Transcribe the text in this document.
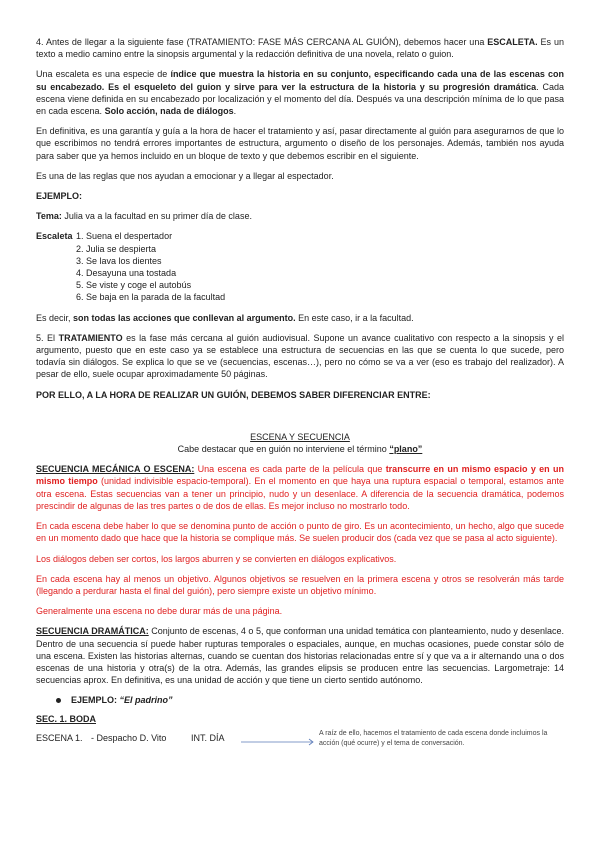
4. Antes de llegar a la siguiente fase (TRATAMIENTO: FASE MÁS CERCANA AL GUIÓN), debemos hacer una ESCALETA. Es un texto a medio camino entre la sinopsis argumental y la redacción definitiva de una novela, relato o guion.

Una escaleta es una especie de índice que muestra la historia en su conjunto, especificando cada una de las escenas con su encabezado. Es el esqueleto del guion y sirve para ver la estructura de la historia y su progresión dramática. Cada escena viene definida en su encabezado por localización y el momento del día. Después va una descripción mínima de lo que pasa en cada escena. Solo acción, nada de diálogos.

En definitiva, es una garantía y guía a la hora de hacer el tratamiento y así, pasar directamente al guión para asegurarnos de que lo que escribimos no tendrá errores importantes de estructura, argumento o diseño de los personajes. Además, también nos ayuda para saber que ya hemos incluido en un bloque de texto y que debemos escribir en el siguiente.

Es una de las reglas que nos ayudan a emocionar y a llegar al espectador.

EJEMPLO:

Tema: Julia va a la facultad en su primer día de clase.

Escaleta 1. Suena el despertador
2. Julia se despierta
3. Se lava los dientes
4. Desayuna una tostada
5. Se viste y coge el autobús
6. Se baja en la parada de la facultad

Es decir, son todas las acciones que conllevan al argumento. En este caso, ir a la facultad.

5. El TRATAMIENTO es la fase más cercana al guión audiovisual. Supone un avance cualitativo con respecto a la sinopsis y el argumento, puesto que en este caso ya se establece una estructura de secuencias en las que se cuenta lo que sucede, pero todavía sin diálogos. Se explica lo que se ve (secuencias, escenas…), pero no cómo se va a ver (eso es trabajo del realizador). A pesar de ello, suele ocupar aproximadamente 50 páginas.

POR ELLO, A LA HORA DE REALIZAR UN GUIÓN, DEBEMOS SABER DIFERENCIAR ENTRE:

ESCENA Y SECUENCIA

Cabe destacar que en guión no interviene el término “plano”

SECUENCIA MECÁNICA O ESCENA: Una escena es cada parte de la película que transcurre en un mismo espacio y en un mismo tiempo (unidad indivisible espacio-temporal). En el momento en que haya una ruptura espacial o temporal, estamos ante otra escena. Estas secuencias van a tener un principio, nudo y un desenlace. A diferencia de la secuencia dramática, podemos prescindir de algunas de las tres partes o de dos de ellas. Es mejor incluso no mostrarlo todo.

En cada escena debe haber lo que se denomina punto de acción o punto de giro. Es un acontecimiento, un hecho, algo que sucede en un momento dado que hace que la historia se complique más. Se suelen producir dos (cada vez que se pasa al acto siguiente).

Los diálogos deben ser cortos, los largos aburren y se convierten en diálogos explicativos.

En cada escena hay al menos un objetivo. Algunos objetivos se resuelven en la primera escena y otros se resolverán más tarde (llegando a perdurar hasta el final del guión), pero siempre existe un objetivo mínimo.

Generalmente una escena no debe durar más de una página.

SECUENCIA DRAMÁTICA: Conjunto de escenas, 4 o 5, que conforman una unidad temática con planteamiento, nudo y desenlace. Dentro de una secuencia sí puede haber rupturas temporales o espaciales, aunque, en muchas ocasiones, puede constar sólo de una escena. Existen las historias alternas, cuando se cuentan dos historias relacionadas entre sí y que va a ir alternando una o dos escenas de una historia y otra(s) de la otra. Además, las grandes elipsis se producen entre las secuencias. Largometraje: 14 secuencias aprox. En definitiva, es una unidad de acción y que tiene un cierto sentido autónomo.

EJEMPLO: “El padrino”

SEC. 1. BODA

ESCENA 1. - Despacho D. Vito	INT. DÍA	A raíz de ello, hacemos el tratamiento de cada escena donde incluimos la acción (qué ocurre) y el tema de conversación.
